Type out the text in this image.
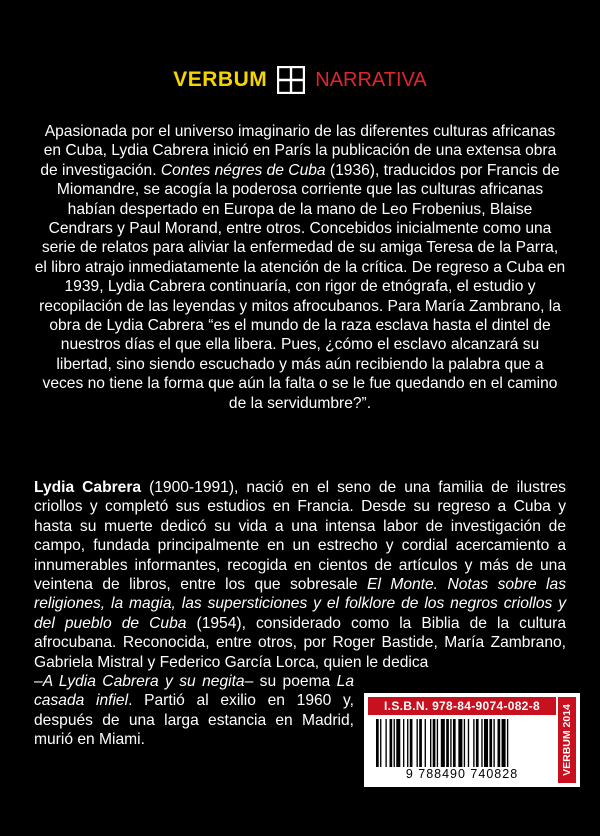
VERBUM NARRATIVA

Apasionada por el universo imaginario de las diferentes culturas africanas en Cuba, Lydia Cabrera inició en París la publicación de una extensa obra de investigación. Contes négres de Cuba (1936), traducidos por Francis de Miomandre, se acogía la poderosa corriente que las culturas africanas habían despertado en Europa de la mano de Leo Frobenius, Blaise Cendrars y Paul Morand, entre otros. Concebidos inicialmente como una serie de relatos para aliviar la enfermedad de su amiga Teresa de la Parra, el libro atrajo inmediatamente la atención de la crítica. De regreso a Cuba en 1939, Lydia Cabrera continuaría, con rigor de etnógrafa, el estudio y recopilación de las leyendas y mitos afrocubanos. Para María Zambrano, la obra de Lydia Cabrera “es el mundo de la raza esclava hasta el dintel de nuestros días el que ella libera. Pues, ¿cómo el esclavo alcanzará su libertad, sino siendo escuchado y más aún recibiendo la palabra que a veces no tiene la forma que aún la falta o se le fue quedando en el camino de la servidumbre?”.

Lydia Cabrera (1900-1991), nació en el seno de una familia de ilustres criollos y completó sus estudios en Francia. Desde su regreso a Cuba y hasta su muerte dedicó su vida a una intensa labor de investigación de campo, fundada principalmente en un estrecho y cordial acercamiento a innumerables informantes, recogida en cientos de artículos y más de una veintena de libros, entre los que sobresale El Monte. Notas sobre las religiones, la magia, las supersticiones y el folklore de los negros criollos y del pueblo de Cuba (1954), considerado como la Biblia de la cultura afrocubana. Reconocida, entre otros, por Roger Bastide, María Zambrano, Gabriela Mistral y Federico García Lorca, quien le dedica
–A Lydia Cabrera y su negita– su poema La casada infiel. Partió al exilio en 1960 y, después de una larga estancia en Madrid, murió en Miami.

I.S.B.N. 978-84-9074-082-8	VERBUM 2014
9 788490 740828
